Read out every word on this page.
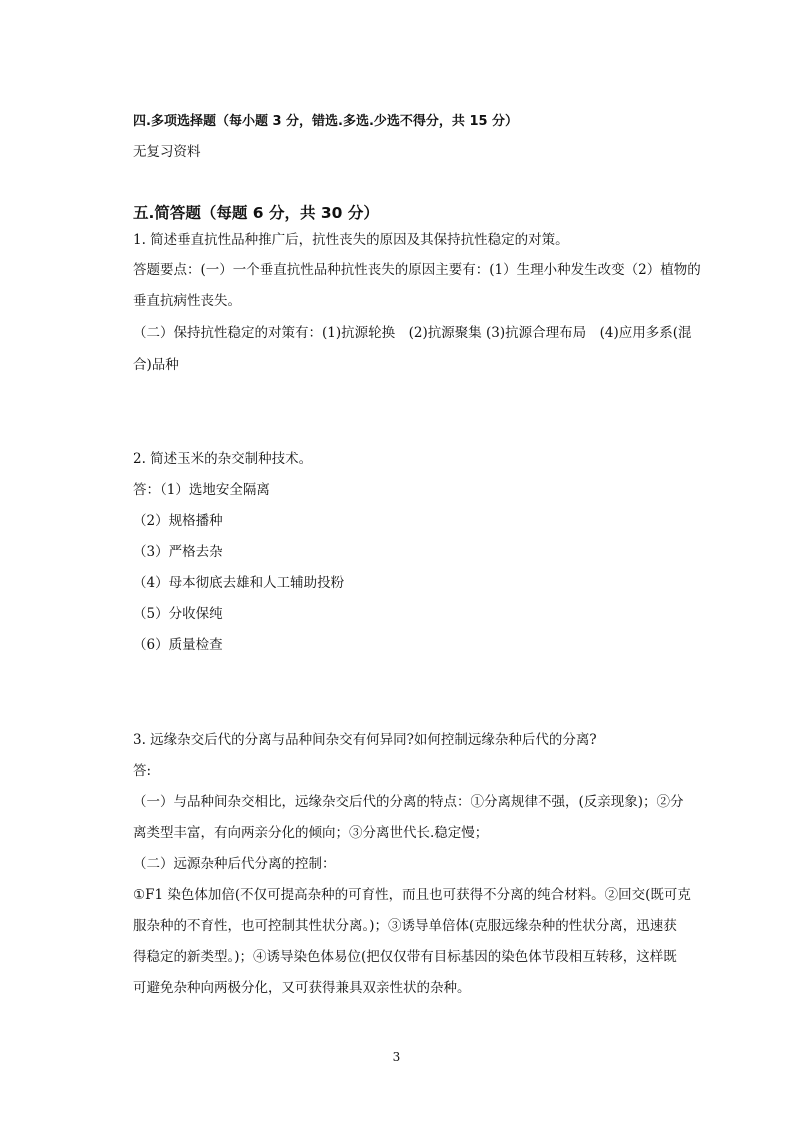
四.多项选择题（每小题 3 分，错选.多选.少选不得分，共 15 分）
无复习资料
五.简答题（每题 6 分，共 30 分）
1. 简述垂直抗性品种推广后，抗性丧失的原因及其保持抗性稳定的对策。
答题要点：(一）一个垂直抗性品种抗性丧失的原因主要有：(1）生理小种发生改变（2）植物的
垂直抗病性丧失。
（二）保持抗性稳定的对策有：(1)抗源轮换　(2)抗源聚集 (3)抗源合理布局　(4)应用多系(混
合)品种
2. 简述玉米的杂交制种技术。
答：（1）选地安全隔离
（2）规格播种
（3）严格去杂
（4）母本彻底去雄和人工辅助投粉
（5）分收保纯
（6）质量检查
3. 远缘杂交后代的分离与品种间杂交有何异同?如何控制远缘杂种后代的分离?
答:
（一）与品种间杂交相比，远缘杂交后代的分离的特点：①分离规律不强，(反亲现象)；②分
离类型丰富，有向两亲分化的倾向；③分离世代长.稳定慢；
（二）远源杂种后代分离的控制：
①F1 染色体加倍(不仅可提高杂种的可育性，而且也可获得不分离的纯合材料。②回交(既可克
服杂种的不育性，也可控制其性状分离。)；③诱导单倍体(克服远缘杂种的性状分离，迅速获
得稳定的新类型。)；④诱导染色体易位(把仅仅带有目标基因的染色体节段相互转移，这样既
可避免杂种向两极分化，又可获得兼具双亲性状的杂种。
3
